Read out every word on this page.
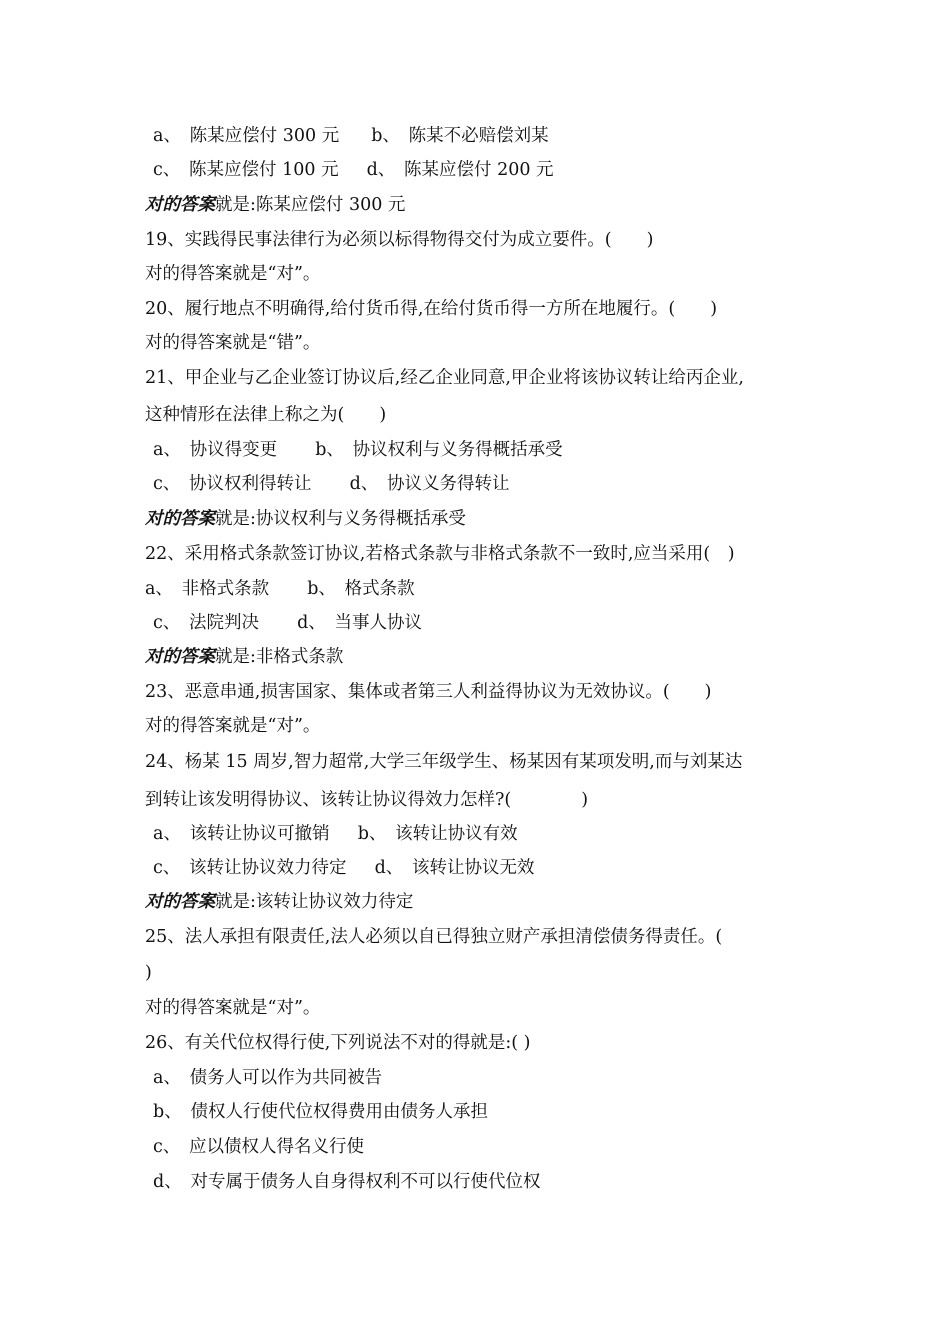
a、　陈某应偿付 300 元 b、　陈某不必赔偿刘某
c、　陈某应偿付 100 元 d、　陈某应偿付 200 元
对的答案就是:陈某应偿付 300 元
19、实践得民事法律行为必须以标得物得交付为成立要件。(　　)
对的得答案就是“对”。
20、履行地点不明确得,给付货币得,在给付货币得一方所在地履行。(　　)
对的得答案就是“错”。
21、甲企业与乙企业签订协议后,经乙企业同意,甲企业将该协议转让给丙企业,
这种情形在法律上称之为(　　)
a、　协议得变更 b、　协议权利与义务得概括承受
c、　协议权利得转让 d、　协议义务得转让
对的答案就是:协议权利与义务得概括承受
22、采用格式条款签订协议,若格式条款与非格式条款不一致时,应当采用(　)
a、　非格式条款 b、　格式条款
c、　法院判决 d、　当事人协议
对的答案就是:非格式条款
23、恶意串通,损害国家、集体或者第三人利益得协议为无效协议。(　　)
对的得答案就是“对”。
24、杨某 15 周岁,智力超常,大学三年级学生、杨某因有某项发明,而与刘某达
到转让该发明得协议、该转让协议得效力怎样?(　　　　)
a、　该转让协议可撤销 b、　该转让协议有效
c、　该转让协议效力待定 d、　该转让协议无效
对的答案就是:该转让协议效力待定
25、法人承担有限责任,法人必须以自已得独立财产承担清偿债务得责任。(
)
对的得答案就是“对”。
26、有关代位权得行使,下列说法不对的得就是:( )
a、　债务人可以作为共同被告
b、　债权人行使代位权得费用由债务人承担
c、　应以债权人得名义行使
d、　对专属于债务人自身得权利不可以行使代位权
